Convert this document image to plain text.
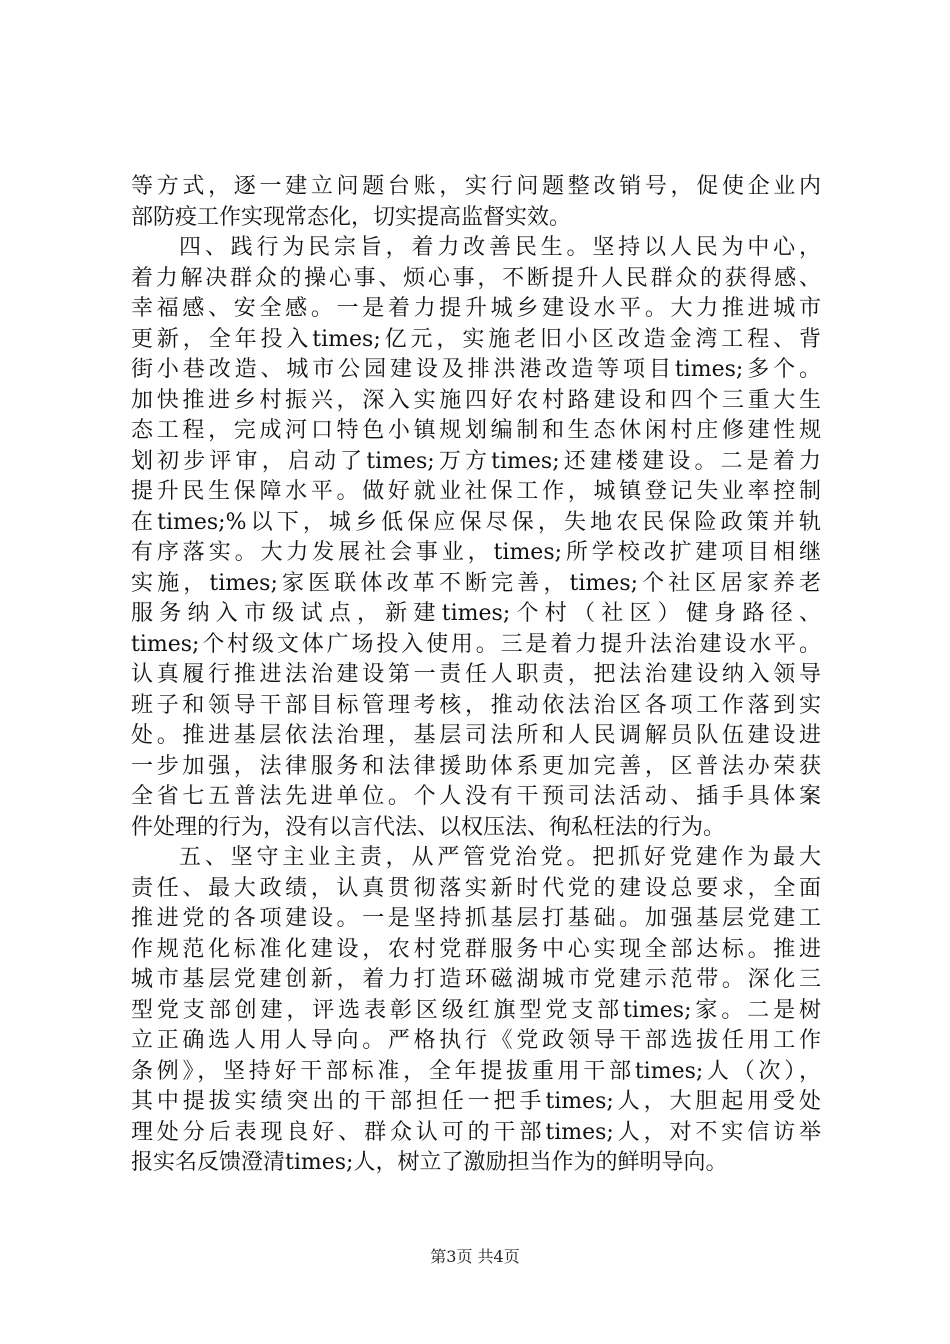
等方式，逐一建立问题台账，实行问题整改销号，促使企业内
部防疫工作实现常态化，切实提高监督实效。
四、践行为民宗旨，着力改善民生。坚持以人民为中心，
着力解决群众的操心事、烦心事，不断提升人民群众的获得感、
幸福感、安全感。一是着力提升城乡建设水平。大力推进城市
更新，全年投入times;亿元，实施老旧小区改造金湾工程、背
街小巷改造、城市公园建设及排洪港改造等项目times;多个。
加快推进乡村振兴，深入实施四好农村路建设和四个三重大生
态工程，完成河口特色小镇规划编制和生态休闲村庄修建性规
划初步评审，启动了times;万方times;还建楼建设。二是着力
提升民生保障水平。做好就业社保工作，城镇登记失业率控制
在times;%以下，城乡低保应保尽保，失地农民保险政策并轨
有序落实。大力发展社会事业，times;所学校改扩建项目相继
实施，times;家医联体改革不断完善，times;个社区居家养老
服务纳入市级试点，新建times;个村（社区）健身路径、
times;个村级文体广场投入使用。三是着力提升法治建设水平。
认真履行推进法治建设第一责任人职责，把法治建设纳入领导
班子和领导干部目标管理考核，推动依法治区各项工作落到实
处。推进基层依法治理，基层司法所和人民调解员队伍建设进
一步加强，法律服务和法律援助体系更加完善，区普法办荣获
全省七五普法先进单位。个人没有干预司法活动、插手具体案
件处理的行为，没有以言代法、以权压法、徇私枉法的行为。
五、坚守主业主责，从严管党治党。把抓好党建作为最大
责任、最大政绩，认真贯彻落实新时代党的建设总要求，全面
推进党的各项建设。一是坚持抓基层打基础。加强基层党建工
作规范化标准化建设，农村党群服务中心实现全部达标。推进
城市基层党建创新，着力打造环磁湖城市党建示范带。深化三
型党支部创建，评选表彰区级红旗型党支部times;家。二是树
立正确选人用人导向。严格执行《党政领导干部选拔任用工作
条例》，坚持好干部标准，全年提拔重用干部times;人（次），
其中提拔实绩突出的干部担任一把手times;人，大胆起用受处
理处分后表现良好、群众认可的干部times;人，对不实信访举
报实名反馈澄清times;人，树立了激励担当作为的鲜明导向。
第3页 共4页
